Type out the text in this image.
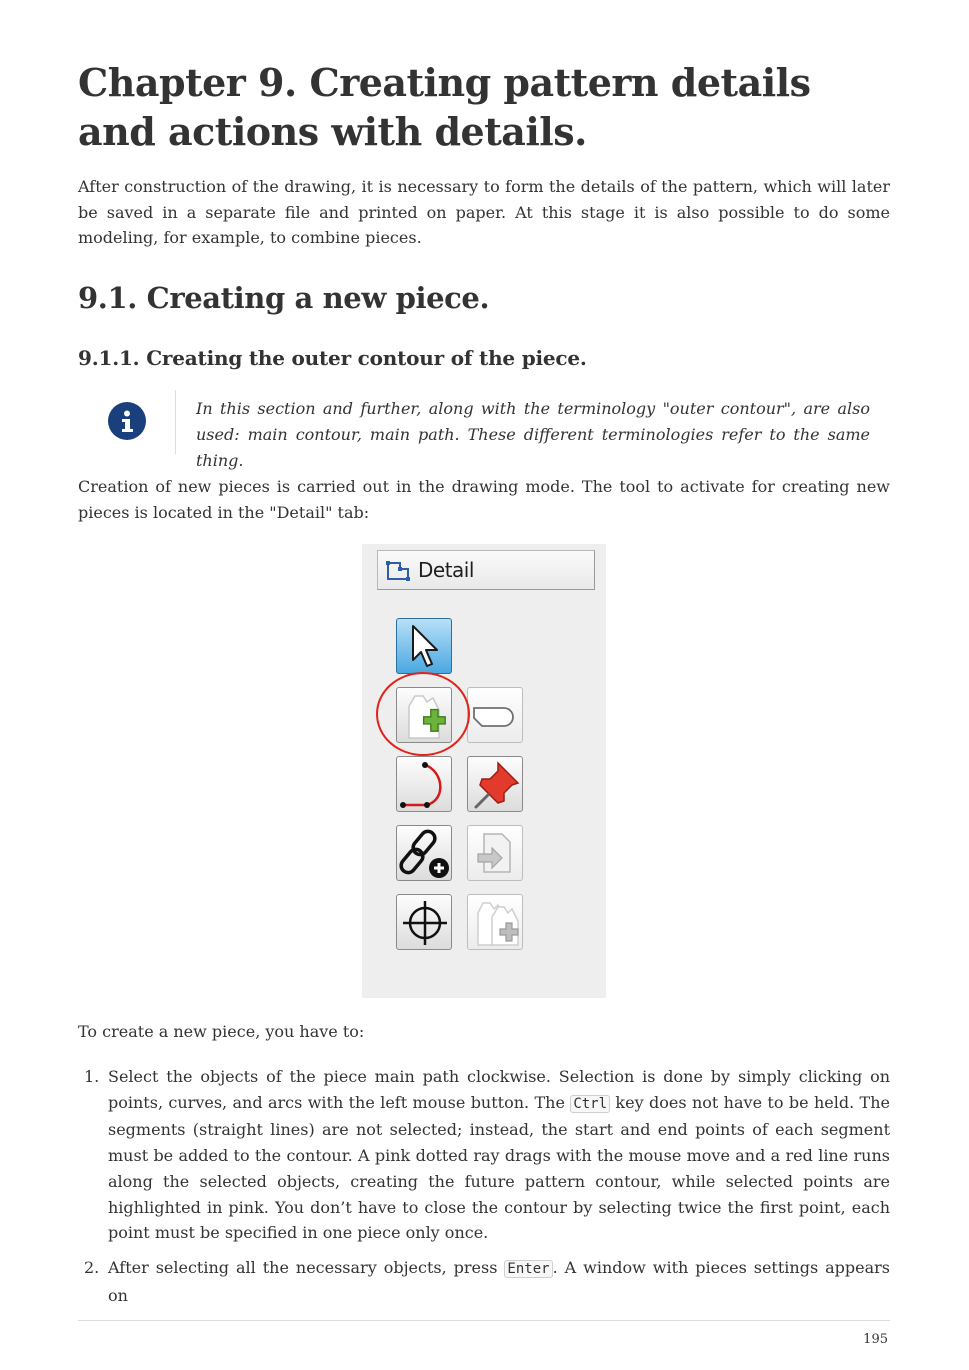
Chapter 9. Creating pattern details and actions with details.

After construction of the drawing, it is necessary to form the details of the pattern, which will later be saved in a separate file and printed on paper. At this stage it is also possible to do some modeling, for example, to combine pieces.

9.1. Creating a new piece.
9.1.1. Creating the outer contour of the piece.

In this section and further, along with the terminology "outer contour", are also used: main contour, main path. These different terminologies refer to the same thing.

Creation of new pieces is carried out in the drawing mode. The tool to activate for creating new pieces is located in the "Detail" tab:

Detail

To create a new piece, you have to:

1. Select the objects of the piece main path clockwise. Selection is done by simply clicking on points, curves, and arcs with the left mouse button. The Ctrl key does not have to be held. The segments (straight lines) are not selected; instead, the start and end points of each segment must be added to the contour. A pink dotted ray drags with the mouse move and a red line runs along the selected objects, creating the future pattern contour, while selected points are highlighted in pink. You don’t have to close the contour by selecting twice the first point, each point must be specified in one piece only once.
2. After selecting all the necessary objects, press Enter . A window with pieces settings appears on
195
